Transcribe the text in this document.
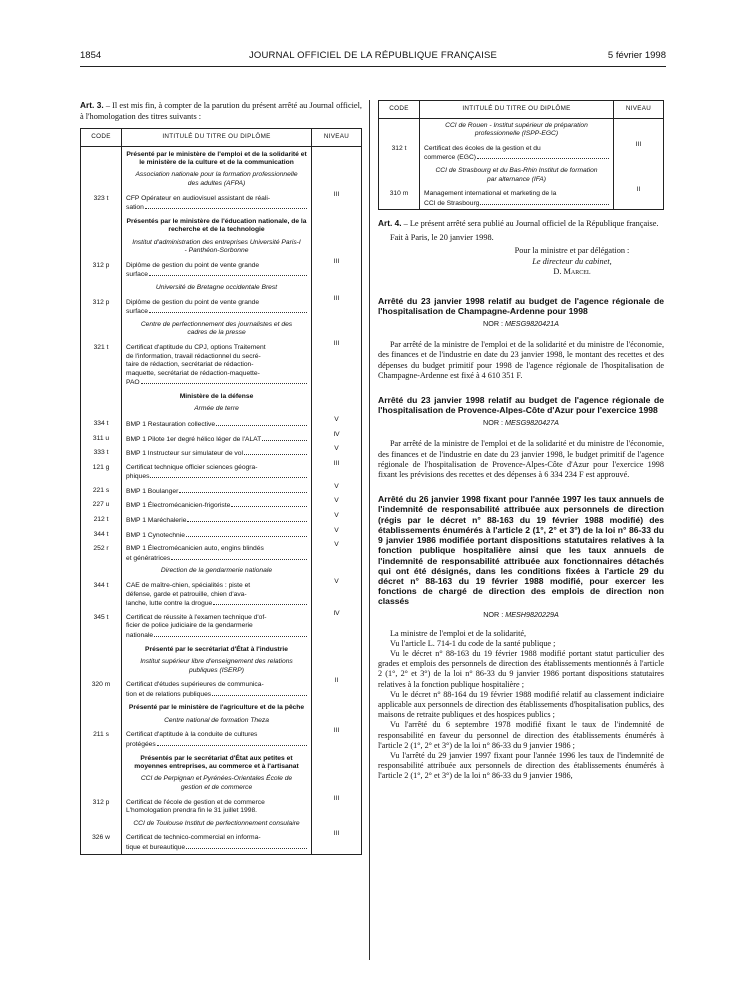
1854	JOURNAL OFFICIEL DE LA RÉPUBLIQUE FRANÇAISE	5 février 1998

Art. 3. – Il est mis fin, à compter de la parution du présent arrêté au Journal officiel, à l'homologation des titres suivants :

CODE	INTITULÉ DU TITRE OU DIPLÔME	NIVEAU

	Présenté par le ministère de l'emploi et de la solidarité et le ministère de la culture et de la communication	

	Association nationale pour la formation professionnelle des adultes (AFPA)	

323 t	CFP Opérateur en audiovisuel assistant de réali-
sation	III

	Présentés par le ministère de l'éducation nationale, de la recherche et de la technologie	

	Institut d'administration des entreprises Université Paris-I - Panthéon-Sorbonne	

312 p	Diplôme de gestion du point de vente grande
surface	III

	Université de Bretagne occidentale Brest	

312 p	Diplôme de gestion du point de vente grande
surface	III

	Centre de perfectionnement des journalistes et des cadres de la presse	

321 t	Certificat d'aptitude du CPJ, options Traitement
de l'information, travail rédactionnel du secré-
taire de rédaction, secrétariat de rédaction-
maquette, secrétariat de rédaction-maquette-
PAO	III

	Ministère de la défense	

	Armée de terre	

334 t	BMP 1 Restauration collective	V
311 u	BMP 1 Pilote 1er degré hélico léger de l'ALAT	IV
333 t	BMP 1 Instructeur sur simulateur de vol	V
121 g	Certificat technique officier sciences géogra-
phiques	III
221 s	BMP 1 Boulanger	V
227 u	BMP 1 Électromécanicien-frigoriste	V
212 t	BMP 1 Maréchalerie	V
344 t	BMP 1 Cynotechnie	V
252 r	BMP 1 Électromécanicien auto, engins blindés
et génératrices	V

	Direction de la gendarmerie nationale	

344 t	CAE de maître-chien, spécialités : piste et
défense, garde et patrouille, chien d'ava-
lanche, lutte contre la drogue	V
345 t	Certificat de réussite à l'examen technique d'of-
ficier de police judiciaire de la gendarmerie
nationale	IV

	Présenté par le secrétariat d'État à l'industrie	

	Institut supérieur libre d'enseignement des relations publiques (ISERP)	

320 m	Certificat d'études supérieures de communica-
tion et de relations publiques	II

	Présenté par le ministère de l'agriculture et de la pêche	

	Centre national de formation Theza	

211 s	Certificat d'aptitude à la conduite de cultures
protégées	III

	Présentés par le secrétariat d'État aux petites et moyennes entreprises, au commerce et à l'artisanat	

	CCI de Perpignan et Pyrénées-Orientales École de gestion et de commerce	

312 p	Certificat de l'école de gestion et de commerce
L'homologation prendra fin le 31 juillet 1998.	III

	CCI de Toulouse Institut de perfectionnement consulaire	

326 w	Certificat de technico-commercial en informa-
tique et bureautique	III
CODE	INTITULÉ DU TITRE OU DIPLÔME	NIVEAU

	CCI de Rouen - Institut supérieur de préparation professionnelle (ISPP-EGC)	

312 t	Certificat des écoles de la gestion et du
commerce (EGC)	III

	CCI de Strasbourg et du Bas-Rhin Institut de formation par alternance (IFA)	

310 m	Management international et marketing de la
CCI de Strasbourg	II

Art. 4. – Le présent arrêté sera publié au Journal officiel de la République française.

Fait à Paris, le 20 janvier 1998.

Pour la ministre et par délégation :
Le directeur du cabinet,
D. Marcel

Arrêté du 23 janvier 1998 relatif au budget de l'agence régionale de l'hospitalisation de Champagne-Ardenne pour 1998

NOR : MESG9820421A

Par arrêté de la ministre de l'emploi et de la solidarité et du ministre de l'économie, des finances et de l'industrie en date du 23 janvier 1998, le montant des recettes et des dépenses du budget primitif pour 1998 de l'agence régionale de l'hospitalisation de Champagne-Ardenne est fixé à 4 610 351 F.

Arrêté du 23 janvier 1998 relatif au budget de l'agence régionale de l'hospitalisation de Provence-Alpes-Côte d'Azur pour l'exercice 1998

NOR : MESG9820427A

Par arrêté de la ministre de l'emploi et de la solidarité et du ministre de l'économie, des finances et de l'industrie en date du 23 janvier 1998, le budget primitif de l'agence régionale de l'hospitalisation de Provence-Alpes-Côte d'Azur pour l'exercice 1998 fixant les prévisions des recettes et des dépenses à 6 334 234 F est approuvé.

Arrêté du 26 janvier 1998 fixant pour l'année 1997 les taux annuels de l'indemnité de responsabilité attribuée aux personnels de direction (régis par le décret n° 88-163 du 19 février 1988 modifié) des établissements énumérés à l'article 2 (1°, 2° et 3°) de la loi n° 86-33 du 9 janvier 1986 modifiée portant dispositions statutaires relatives à la fonction publique hospitalière ainsi que les taux annuels de l'indemnité de responsabilité attribuée aux fonctionnaires détachés qui ont été désignés, dans les conditions fixées à l'article 29 du décret n° 88-163 du 19 février 1988 modifié, pour exercer les fonctions de chargé de direction des emplois de direction non classés

NOR : MESH9820229A

La ministre de l'emploi et de la solidarité,

Vu l'article L. 714-1 du code de la santé publique ;

Vu le décret n° 88-163 du 19 février 1988 modifié portant statut particulier des grades et emplois des personnels de direction des établissements mentionnés à l'article 2 (1°, 2° et 3°) de la loi n° 86-33 du 9 janvier 1986 portant dispositions statutaires relatives à la fonction publique hospitalière ;

Vu le décret n° 88-164 du 19 février 1988 modifié relatif au classement indiciaire applicable aux personnels de direction des établissements d'hospitalisation publics, des maisons de retraite publiques et des hospices publics ;

Vu l'arrêté du 6 septembre 1978 modifié fixant le taux de l'indemnité de responsabilité en faveur du personnel de direction des établissements énumérés à l'article 2 (1°, 2° et 3°) de la loi n° 86-33 du 9 janvier 1986 ;

Vu l'arrêté du 29 janvier 1997 fixant pour l'année 1996 les taux de l'indemnité de responsabilité attribuée aux personnels de direction des établissements énumérés à l'article 2 (1°, 2° et 3°) de la loi n° 86-33 du 9 janvier 1986,
